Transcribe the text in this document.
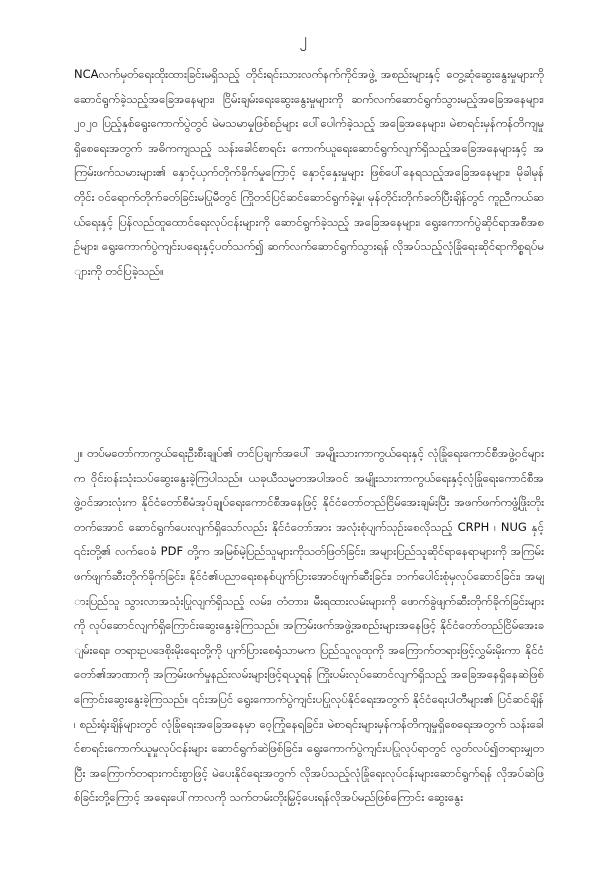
၂

NCAလက်မှတ်ရေးထိုးထားခြင်းမရှိသည့် တိုင်းရင်းသားလက်နက်ကိုင်အဖွဲ့ အစည်းများနှင့် တွေ့ဆုံဆွေးနွေးမှုများကို ဆောင်ရွက်ခဲ့သည့်အခြေအနေများ၊ ငြိမ်းချမ်းရေးဆွေးနွေးမှုများကို ဆက်လက်ဆောင်ရွက်သွားမည့်အခြေအနေများ၊ ၂၀၂၀ ပြည့်နှစ်ရွေးကောက်ပွဲတွင် မဲမသမာမှုဖြစ်စဉ်များ ပေါ်ပေါက်ခဲ့သည့် အခြေအနေများ၊ မဲစာရင်းမှန်ကန်တိကျမှုရှိစေရေးအတွက် အဓိကကျသည့် သန်းခေါင်စာရင်း ကောက်ယူရေးဆောင်ရွက်လျက်ရှိသည့်အခြေအနေများနှင့် အကြမ်းဖက်သမားများ၏ နှောင့်ယှက်တိုက်ခိုက်မှုကြောင့် နှောင့်နှေးမှုများ ဖြစ်ပေါ်နေရသည့်အခြေအနေများ၊ မိုခါမုန်တိုင်း ဝင်ရောက်တိုက်ခတ်ခြင်းမပြုမီတွင် ကြိုတင်ပြင်ဆင်ဆောင်ရွက်ခဲ့မှု၊ မုန်တိုင်းတိုက်ခတ်ပြီးချိန်တွင် ကူညီကယ်ဆယ်ရေးနှင့် ပြန်လည်ထူထောင်ရေးလုပ်ငန်းများကို ဆောင်ရွက်ခဲ့သည့် အခြေအနေများ၊ ရွေးကောက်ပွဲဆိုင်ရာအစီအစဉ်များ၊ ရွေးကောက်ပွဲကျင်းပရေးနှင့်ပတ်သက်၍ ဆက်လက်ဆောင်ရွက်သွားရန် လိုအပ်သည့်လုံခြုံရေးဆိုင်ရာကိစ္စရပ်များကို တင်ပြခဲ့သည်။

၂။ တပ်မတော်ကာကွယ်ရေးဦးစီးချုပ်၏ တင်ပြချက်အပေါ် အမျိုးသားကာကွယ်ရေးနှင့် လုံခြုံရေးကောင်စီအဖွဲ့ဝင်များက ဝိုင်းဝန်းသုံးသပ်ဆွေးနွေးခဲ့ကြပါသည်။ ယခုယီသမ္မတအပါအဝင် အမျိုးသားကာကွယ်ရေးနှင့်လုံခြုံရေးကောင်စီအဖွဲ့ဝင်အားလုံးက နိုင်ငံတော်စီမံအုပ်ချုပ်ရေးကောင်စီအနေဖြင့် နိုင်ငံတော်တည်ငြိမ်အေးချမ်းပြီး အဖက်ဖက်ကဖွံ့ဖြိုးတိုးတက်အောင် ဆောင်ရွက်ပေးလျက်ရှိသော်လည်း နိုင်ငံတော်အား အလုံးစုံပျက်သုဉ်းစေလိုသည့် CRPH ၊ NUG နှင့် ၎င်းတို့၏ လက်ဝေခံ PDF တို့က အမြစ်မဲ့ပြည်သူများကိုသတ်ဖြတ်ခြင်း၊ အများပြည်သူဆိုင်ရာနေရာများကို အကြမ်းဖက်ဖျက်ဆီးတိုက်ခိုက်ခြင်း၊ နိုင်ငံ၏ပညာရေးစနစ်ပျက်ပြားအောင်ဖျက်ဆီးခြင်း၊ ဘက်ပေါင်းစုံမှလုပ်ဆောင်ခြင်း၊ အများပြည်သူ သွားလာအသုံးပြုလျက်ရှိသည့် လမ်း၊ တံတား၊ မီးရထားလမ်းများကို ဖောက်ခွဲဖျက်ဆီးတိုက်ခိုက်ခြင်းများကို လုပ်ဆောင်လျက်ရှိကြောင်းဆွေးနွေးခဲ့ကြသည်။ အကြမ်းဖက်အဖွဲ့အစည်းများအနေဖြင့် နိုင်ငံတော်တည်ငြိမ်အေးချမ်းရေး၊ တရားဥပဒေစိုးမိုးရေးတို့ကို ပျက်ပြားစေရုံသာမက ပြည်သူလူထုကို အကြောက်တရားဖြင့်လွှမ်းမိုးကာ နိုင်ငံတော်၏အာဏာကို အကြမ်းဖက်မှုနည်းလမ်းများဖြင့်ရယူရန် ကြိုးပမ်းလုပ်ဆောင်လျက်ရှိသည့် အခြေအနေရှိနေဆဲဖြစ်ကြောင်းဆွေးနွေးခဲ့ကြသည်။ ၎င်းအပြင် ရွေးကောက်ပွဲကျင်းပပြုလုပ်နိုင်ရေးအတွက် နိုင်ငံရေးပါတီများ၏ ပြင်ဆင်ချိန်၊ စည်းရုံးချိန်များတွင် လုံခြုံရေးအခြေအနေမှာ ဝေ့ကြုံနေရခြင်း၊ မဲစာရင်းများမှန်ကန်တိကျမှုရှိစေရေးအတွက် သန်းခေါင်စာရင်းကောက်ယူမှုလုပ်ငန်းများ ဆောင်ရွက်ဆဲဖြစ်ခြင်း၊ ရွေးကောက်ပွဲကျင်းပပြုလုပ်ရာတွင် လွတ်လပ်၍တရားမျှတပြီး အကြောက်တရားကင်းစွာဖြင့် မဲပေးနိုင်ရေးအတွက် လိုအပ်သည့်လုံခြုံရေးလုပ်ငန်းများဆောင်ရွက်ရန် လိုအပ်ဆဲဖြစ်ခြင်းတို့ကြောင့် အရေးပေါ်ကာလကို သက်တမ်းတိုးမြှင့်ပေးရန်လိုအပ်မည်ဖြစ်ကြောင်း ဆွေးနွေး
